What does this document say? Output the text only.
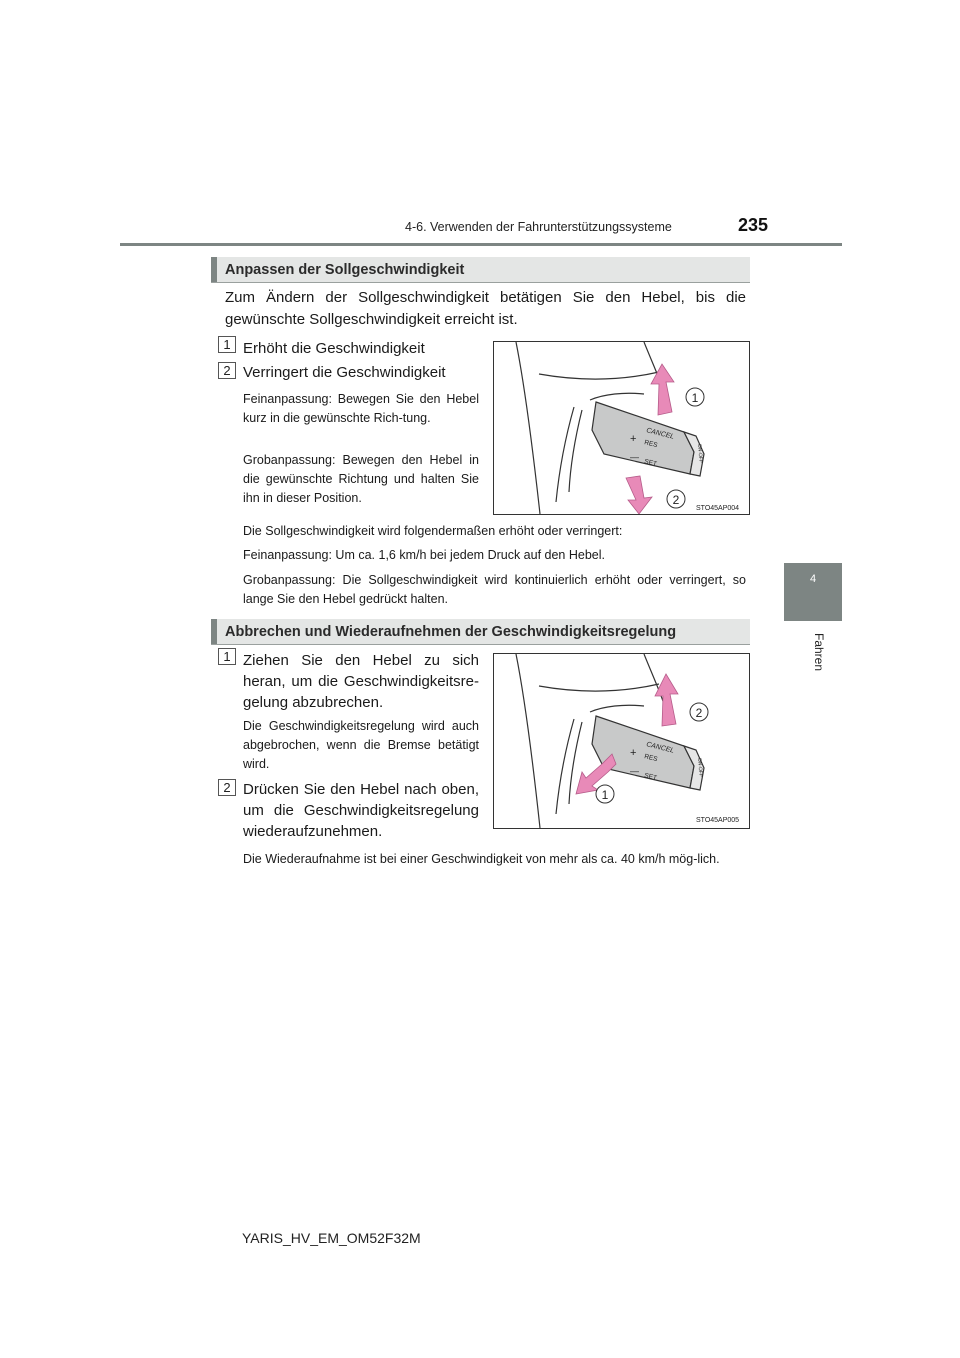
4-6. Verwenden der Fahrunterstützungssysteme	235
4
Fahren
Anpassen der Sollgeschwindigkeit
Zum Ändern der Sollgeschwindigkeit betätigen Sie den Hebel, bis die gewünschte Sollgeschwindigkeit erreicht ist.
1 Erhöht die Geschwindigkeit
2 Verringert die Geschwindigkeit
Feinanpassung: Bewegen Sie den Hebel kurz in die gewünschte Rich-tung.
Grobanpassung: Bewegen den Hebel in die gewünschte Richtung und halten Sie ihn in dieser Position.
CANCEL
+ RES
—
SET	ON-OFF
1
2
STO45AP004
Die Sollgeschwindigkeit wird folgendermaßen erhöht oder verringert:
Feinanpassung: Um ca. 1,6 km/h bei jedem Druck auf den Hebel.
Grobanpassung: Die Sollgeschwindigkeit wird kontinuierlich erhöht oder verringert, so lange Sie den Hebel gedrückt halten.
Abbrechen und Wiederaufnehmen der Geschwindigkeitsregelung
1 Ziehen Sie den Hebel zu sich heran, um die Geschwindigkeitsre-gelung abzubrechen.
Die Geschwindigkeitsregelung wird auch abgebrochen, wenn die Bremse betätigt wird.
2 Drücken Sie den Hebel nach oben, um die Geschwindigkeitsregelung wiederaufzunehmen.
CANCEL
+ RES
—
SET	ON-OFF
2
1
STO45AP005
Die Wiederaufnahme ist bei einer Geschwindigkeit von mehr als ca. 40 km/h mög-lich.
YARIS_HV_EM_OM52F32M
